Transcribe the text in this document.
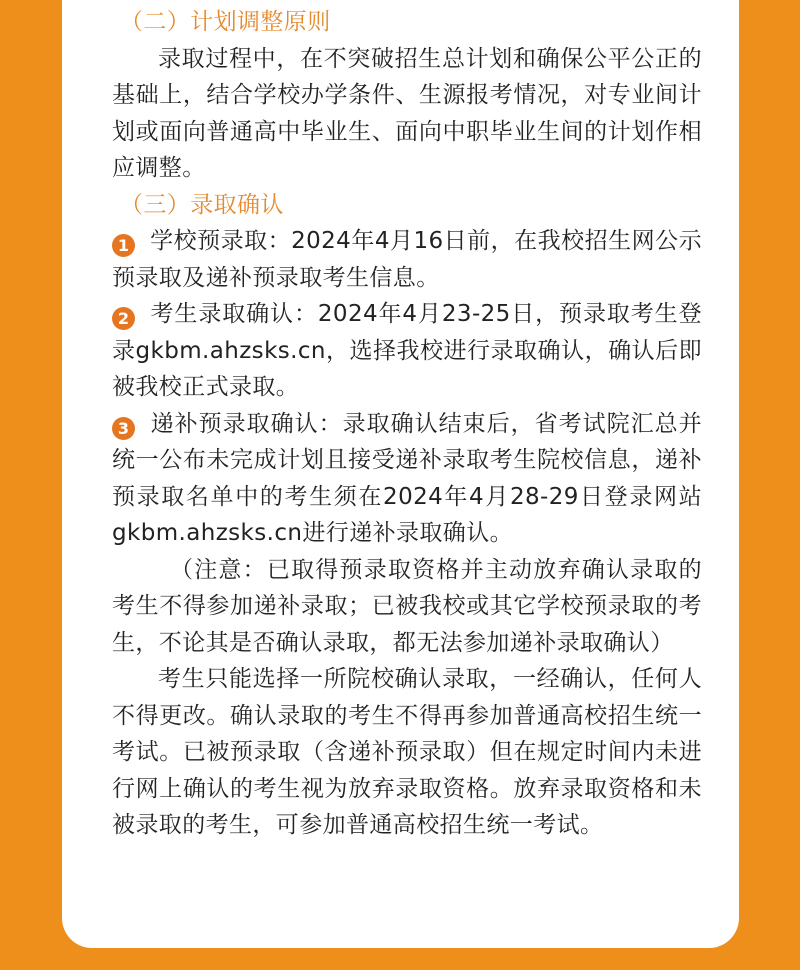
（二）计划调整原则

录取过程中，在不突破招生总计划和确保公平公正的基础上，结合学校办学条件、生源报考情况，对专业间计划或面向普通高中毕业生、面向中职毕业生间的计划作相应调整。

（三）录取确认

1 学校预录取：2024年4月16日前，在我校招生网公示预录取及递补预录取考生信息。

2 考生录取确认：2024年4月23-25日，预录取考生登录gkbm.ahzsks.cn，选择我校进行录取确认，确认后即被我校正式录取。

3 递补预录取确认：录取确认结束后，省考试院汇总并统一公布未完成计划且接受递补录取考生院校信息，递补预录取名单中的考生须在2024年4月28-29日登录网站gkbm.ahzsks.cn进行递补录取确认。

（注意：已取得预录取资格并主动放弃确认录取的考生不得参加递补录取；已被我校或其它学校预录取的考生，不论其是否确认录取，都无法参加递补录取确认）

考生只能选择一所院校确认录取，一经确认，任何人不得更改。确认录取的考生不得再参加普通高校招生统一考试。已被预录取（含递补预录取）但在规定时间内未进行网上确认的考生视为放弃录取资格。放弃录取资格和未被录取的考生，可参加普通高校招生统一考试。
